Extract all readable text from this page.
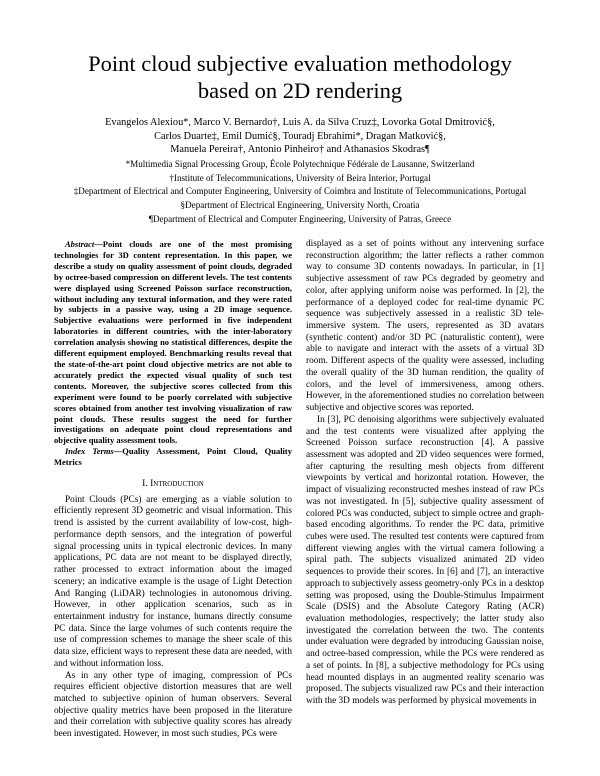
Point cloud subjective evaluation methodology
based on 2D rendering
Evangelos Alexiou*, Marco V. Bernardo†, Luis A. da Silva Cruz‡, Lovorka Gotal Dmitrović§,
Carlos Duarte‡, Emil Dumić§, Touradj Ebrahimi*, Dragan Matković§,
Manuela Pereira†, Antonio Pinheiro† and Athanasios Skodras¶
*Multimedia Signal Processing Group, École Polytechnique Fédérale de Lausanne, Switzerland
†Institute of Telecommunications, University of Beira Interior, Portugal
‡Department of Electrical and Computer Engineering, University of Coimbra and Institute of Telecommunications, Portugal
§Department of Electrical Engineering, University North, Croatia
¶Department of Electrical and Computer Engineering, University of Patras, Greece

Abstract—Point clouds are one of the most promising technologies for 3D content representation. In this paper, we describe a study on quality assessment of point clouds, degraded by octree-based compression on different levels. The test contents were displayed using Screened Poisson surface reconstruction, without including any textural information, and they were rated by subjects in a passive way, using a 2D image sequence. Subjective evaluations were performed in five independent laboratories in different countries, with the inter-laboratory correlation analysis showing no statistical differences, despite the different equipment employed. Benchmarking results reveal that the state-of-the-art point cloud objective metrics are not able to accurately predict the expected visual quality of such test contents. Moreover, the subjective scores collected from this experiment were found to be poorly correlated with subjective scores obtained from another test involving visualization of raw point clouds. These results suggest the need for further investigations on adequate point cloud representations and objective quality assessment tools.

Index Terms—Quality Assessment, Point Cloud, Quality Metrics

I. Introduction

Point Clouds (PCs) are emerging as a viable solution to efficiently represent 3D geometric and visual information. This trend is assisted by the current availability of low-cost, high-performance depth sensors, and the integration of powerful signal processing units in typical electronic devices. In many applications, PC data are not meant to be displayed directly, rather processed to extract information about the imaged scenery; an indicative example is the usage of Light Detection And Ranging (LiDAR) technologies in autonomous driving. However, in other application scenarios, such as in entertainment industry for instance, humans directly consume PC data. Since the large volumes of such contents require the use of compression schemes to manage the sheer scale of this data size, efficient ways to represent these data are needed, with and without information loss.

As in any other type of imaging, compression of PCs requires efficient objective distortion measures that are well matched to subjective opinion of human observers. Several objective quality metrics have been proposed in the literature and their correlation with subjective quality scores has already been investigated. However, in most such studies, PCs were

displayed as a set of points without any intervening surface reconstruction algorithm; the latter reflects a rather common way to consume 3D contents nowadays. In particular, in [1] subjective assessment of raw PCs degraded by geometry and color, after applying uniform noise was performed. In [2], the performance of a deployed codec for real-time dynamic PC sequence was subjectively assessed in a realistic 3D tele-immersive system. The users, represented as 3D avatars (synthetic content) and/or 3D PC (naturalistic content), were able to navigate and interact with the assets of a virtual 3D room. Different aspects of the quality were assessed, including the overall quality of the 3D human rendition, the quality of colors, and the level of immersiveness, among others. However, in the aforementioned studies no correlation between subjective and objective scores was reported.

In [3], PC denoising algorithms were subjectively evaluated and the test contents were visualized after applying the Screened Poisson surface reconstruction [4]. A passive assessment was adopted and 2D video sequences were formed, after capturing the resulting mesh objects from different viewpoints by vertical and horizontal rotation. However, the impact of visualizing reconstructed meshes instead of raw PCs was not investigated. In [5], subjective quality assessment of colored PCs was conducted, subject to simple octree and graph-based encoding algorithms. To render the PC data, primitive cubes were used. The resulted test contents were captured from different viewing angles with the virtual camera following a spiral path. The subjects visualized animated 2D video sequences to provide their scores. In [6] and [7], an interactive approach to subjectively assess geometry-only PCs in a desktop setting was proposed, using the Double-Stimulus Impairment Scale (DSIS) and the Absolute Category Rating (ACR) evaluation methodologies, respectively; the latter study also investigated the correlation between the two. The contents under evaluation were degraded by introducing Gaussian noise, and octree-based compression, while the PCs were rendered as a set of points. In [8], a subjective methodology for PCs using head mounted displays in an augmented reality scenario was proposed. The subjects visualized raw PCs and their interaction with the 3D models was performed by physical movements in
